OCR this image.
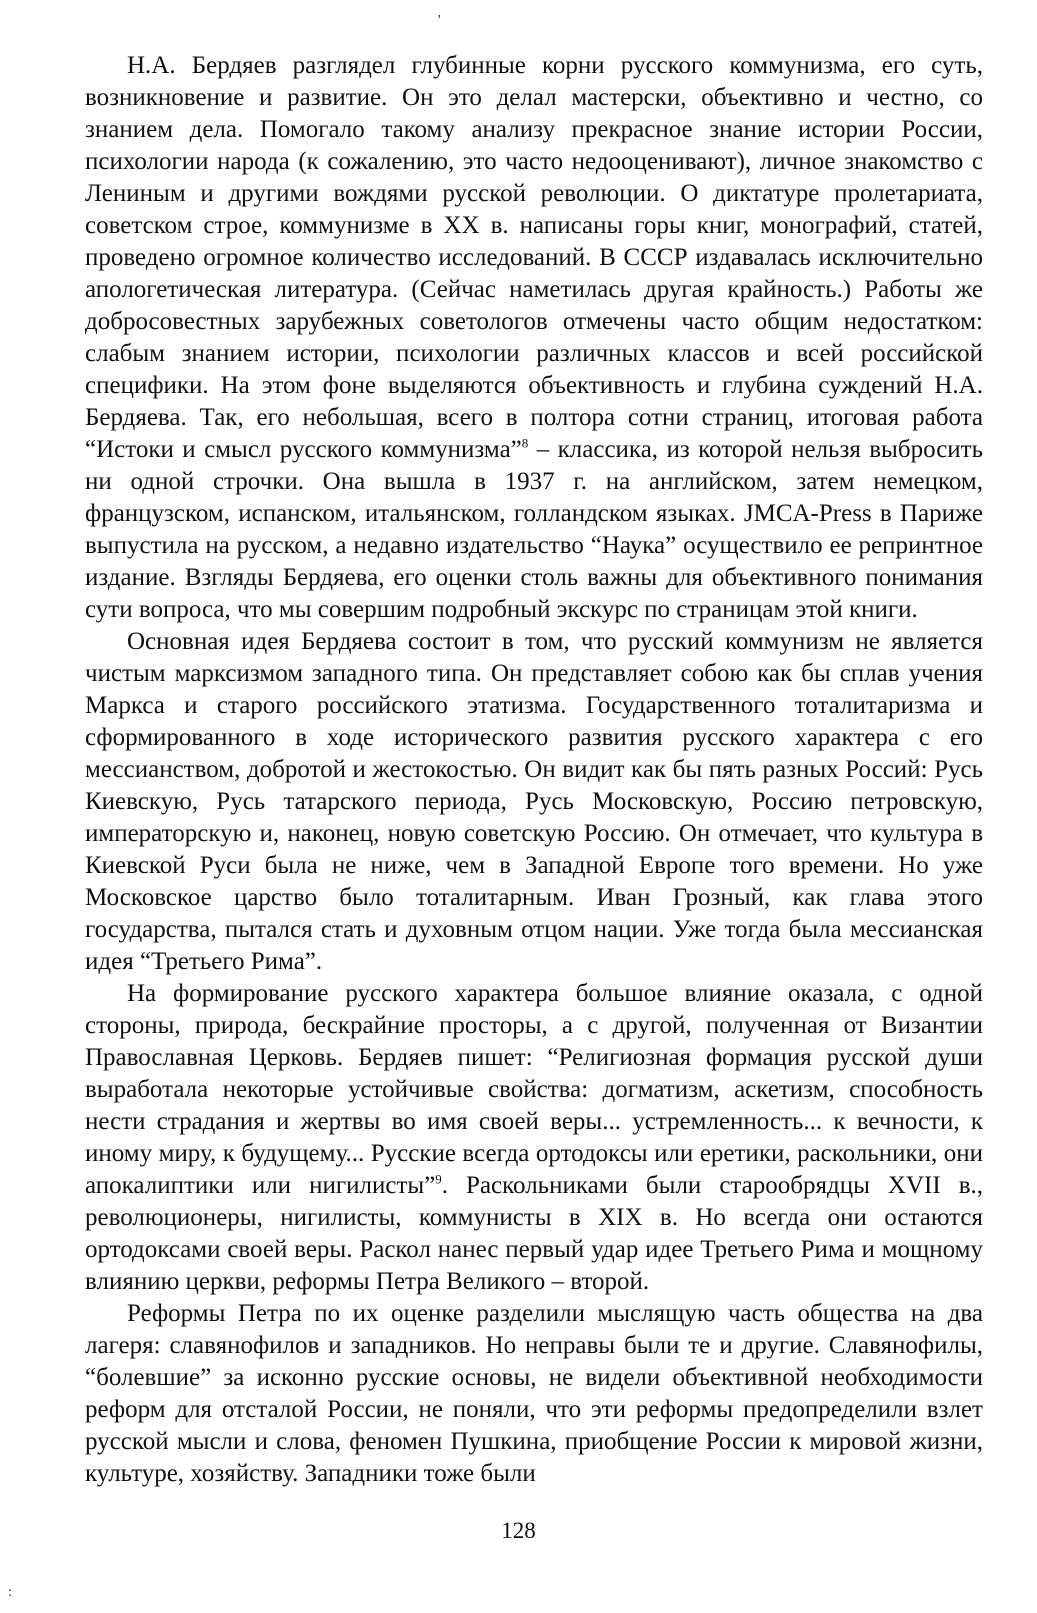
'

Н.А. Бердяев разглядел глубинные корни русского коммунизма, его суть, возникновение и развитие. Он это делал мастерски, объективно и честно, со знанием дела. Помогало такому анализу прекрасное знание истории России, психологии народа (к сожалению, это часто недооценивают), личное знакомство с Лениным и другими вождями русской революции. О диктатуре пролетариата, советском строе, коммунизме в XX в. написаны горы книг, монографий, статей, проведено огромное количество исследований. В СССР издавалась исключительно апологетическая литература. (Сейчас наметилась другая крайность.) Работы же добросовестных зарубежных советологов отмечены часто общим недостатком: слабым знанием истории, психологии различных классов и всей российской специфики. На этом фоне выделяются объективность и глубина суждений Н.А. Бердяева. Так, его небольшая, всего в полтора сотни страниц, итоговая работа “Истоки и смысл русского коммунизма”$^8$ – классика, из которой нельзя выбросить ни одной строчки. Она вышла в 1937 г. на английском, затем немецком, французском, испанском, итальянском, голландском языках. JMCA-Press в Париже выпустила на русском, а недавно издательство “Наука” осуществило ее репринтное издание. Взгляды Бердяева, его оценки столь важны для объективного понимания сути вопроса, что мы совершим подробный экскурс по страницам этой книги.

Основная идея Бердяева состоит в том, что русский коммунизм не является чистым марксизмом западного типа. Он представляет собою как бы сплав учения Маркса и старого российского этатизма. Государственного тоталитаризма и сформированного в ходе исторического развития русского характера с его мессианством, добротой и жестокостью. Он видит как бы пять разных Россий: Русь Киевскую, Русь татарского периода, Русь Московскую, Россию петровскую, императорскую и, наконец, новую советскую Россию. Он отмечает, что культура в Киевской Руси была не ниже, чем в Западной Европе того времени. Но уже Московское царство было тоталитарным. Иван Грозный, как глава этого государства, пытался стать и духовным отцом нации. Уже тогда была мессианская идея “Третьего Рима”.

На формирование русского характера большое влияние оказала, с одной стороны, природа, бескрайние просторы, а с другой, полученная от Византии Православная Церковь. Бердяев пишет: “Религиозная формация русской души выработала некоторые устойчивые свойства: догматизм, аскетизм, способность нести страдания и жертвы во имя своей веры... устремленность... к вечности, к иному миру, к будущему... Русские всегда ортодоксы или еретики, раскольники, они апокалиптики или нигилисты”$^9$. Раскольниками были старообрядцы XVII в., революционеры, нигилисты, коммунисты в XIX в. Но всегда они остаются ортодоксами своей веры. Раскол нанес первый удар идее Третьего Рима и мощному влиянию церкви, реформы Петра Великого – второй.

Реформы Петра по их оценке разделили мыслящую часть общества на два лагеря: славянофилов и западников. Но неправы были те и другие. Славянофилы, “болевшие” за исконно русские основы, не видели объективной необходимости реформ для отсталой России, не поняли, что эти реформы предопределили взлет русской мысли и слова, феномен Пушкина, приобщение России к мировой жизни, культуре, хозяйству. Западники тоже были

128
:
